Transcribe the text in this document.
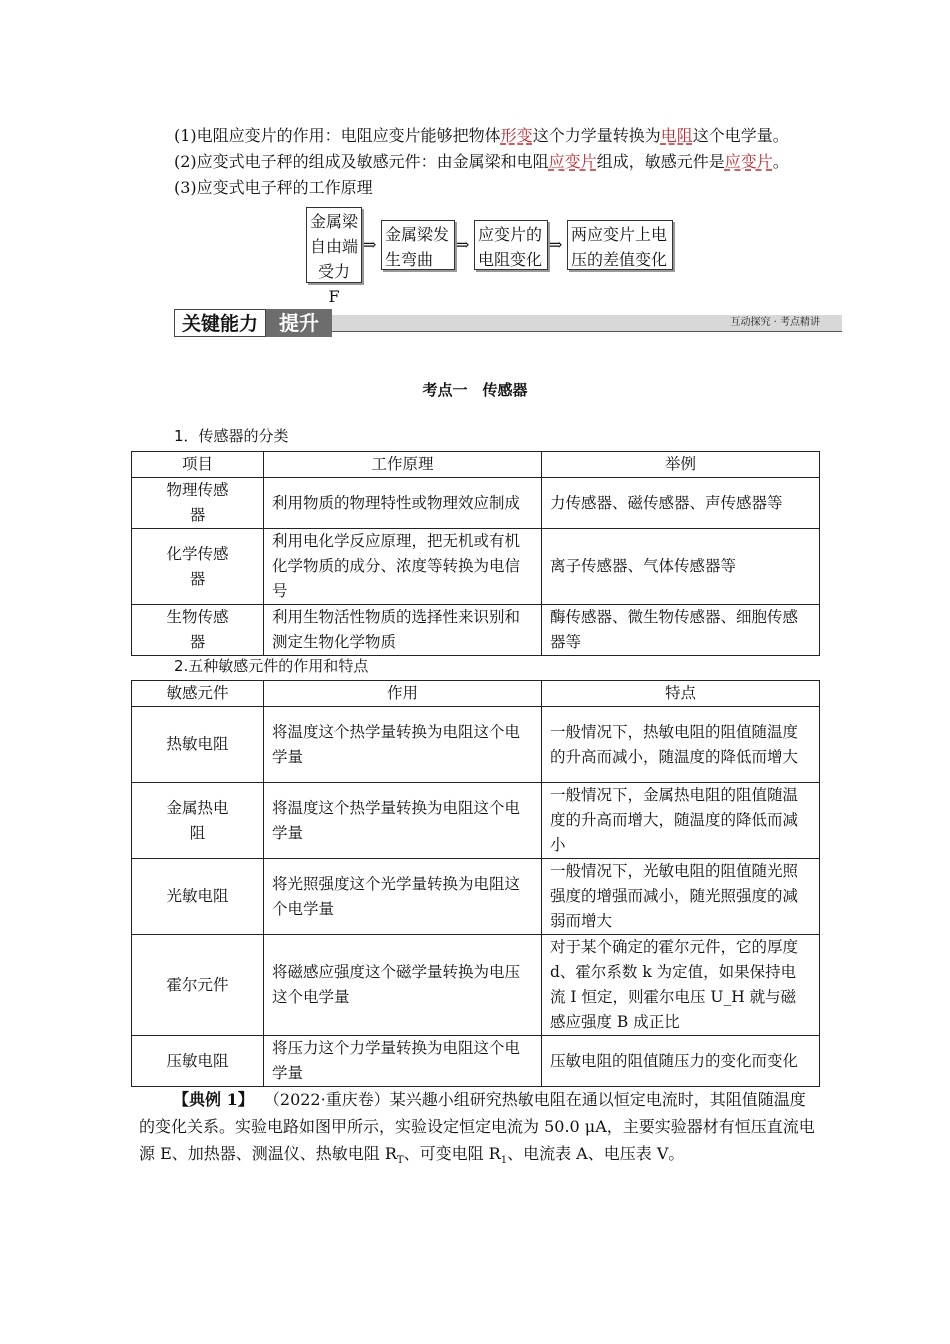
(1)电阻应变片的作用：电阻应变片能够把物体形变这个力学量转换为电阻这个电学量。
(2)应变式电子秤的组成及敏感元件：由金属梁和电阻应变片组成，敏感元件是应变片。
(3)应变式电子秤的工作原理
金属梁
自由端
受力 F
⇒
金属梁发
生弯曲
⇒
应变片的
电阻变化
⇒
两应变片上电
压的差值变化
关键能力	提升	互动探究 · 考点精讲
考点一　传感器
1．传感器的分类
项目	工作原理	举例
物理传感器	利用物质的物理特性或物理效应制成	力传感器、磁传感器、声传感器等
化学传感器	利用电化学反应原理，把无机或有机化学物质的成分、浓度等转换为电信号	离子传感器、气体传感器等
生物传感器	利用生物活性物质的选择性来识别和测定生物化学物质	酶传感器、微生物传感器、细胞传感器等
2.五种敏感元件的作用和特点
敏感元件	作用	特点
热敏电阻	将温度这个热学量转换为电阻这个电学量	一般情况下，热敏电阻的阻值随温度的升高而减小，随温度的降低而增大
金属热电阻	将温度这个热学量转换为电阻这个电学量	一般情况下，金属热电阻的阻值随温度的升高而增大，随温度的降低而减小
光敏电阻	将光照强度这个光学量转换为电阻这个电学量	一般情况下，光敏电阻的阻值随光照强度的增强而减小，随光照强度的减弱而增大
霍尔元件	将磁感应强度这个磁学量转换为电压这个电学量	对于某个确定的霍尔元件，它的厚度 d、霍尔系数 k 为定值，如果保持电流 I 恒定，则霍尔电压 U_H 就与磁感应强度 B 成正比
压敏电阻	将压力这个力学量转换为电阻这个电学量	压敏电阻的阻值随压力的变化而变化
【典例 1】 （2022·重庆卷）某兴趣小组研究热敏电阻在通以恒定电流时，其阻值随温度的变化关系。实验电路如图甲所示，实验设定恒定电流为 50.0 μA，主要实验器材有恒压直流电源 E、加热器、测温仪、热敏电阻 $R_T$、可变电阻 $R_1$、电流表 A、电压表 V。
